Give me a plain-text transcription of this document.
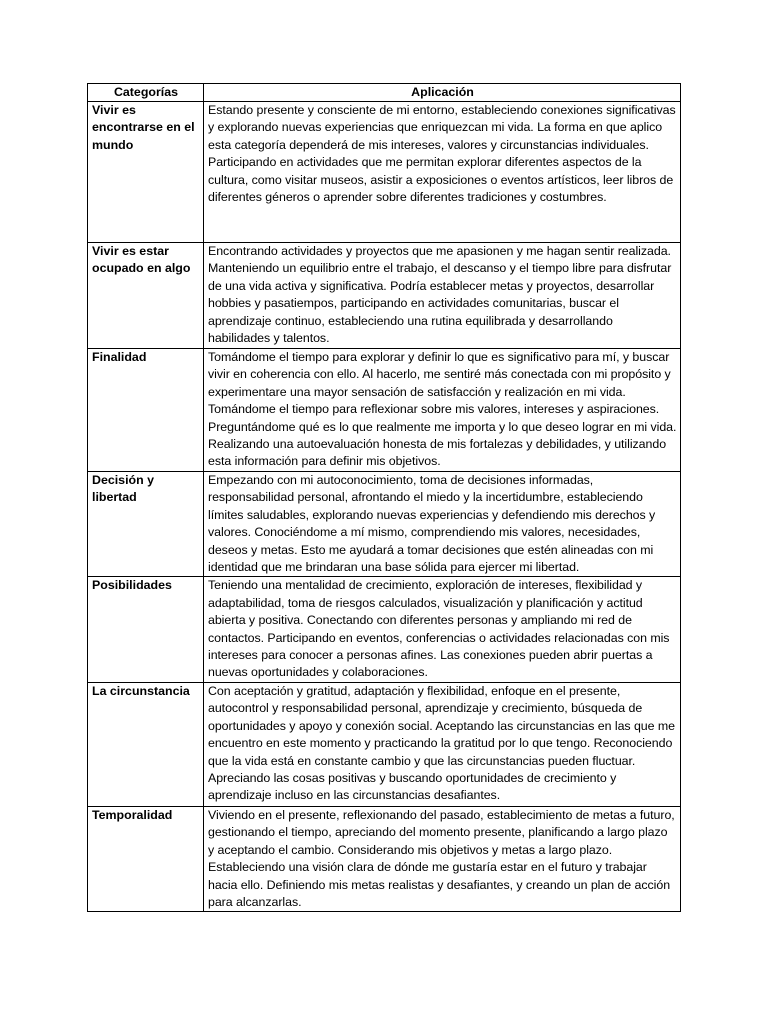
Categorías	Aplicación
Vivir es encontrarse en el mundo	Estando presente y consciente de mi entorno, estableciendo conexiones significativas y explorando nuevas experiencias que enriquezcan mi vida. La forma en que aplico esta categoría dependerá de mis intereses, valores y circunstancias individuales. Participando en actividades que me permitan explorar diferentes aspectos de la cultura, como visitar museos, asistir a exposiciones o eventos artísticos, leer libros de diferentes géneros o aprender sobre diferentes tradiciones y costumbres.
Vivir es estar ocupado en algo	Encontrando actividades y proyectos que me apasionen y me hagan sentir realizada. Manteniendo un equilibrio entre el trabajo, el descanso y el tiempo libre para disfrutar de una vida activa y significativa. Podría establecer metas y proyectos, desarrollar hobbies y pasatiempos, participando en actividades comunitarias, buscar el aprendizaje continuo, estableciendo una rutina equilibrada y desarrollando habilidades y talentos.
Finalidad	Tomándome el tiempo para explorar y definir lo que es significativo para mí, y buscar vivir en coherencia con ello. Al hacerlo, me sentiré más conectada con mi propósito y experimentare una mayor sensación de satisfacción y realización en mi vida. Tomándome el tiempo para reflexionar sobre mis valores, intereses y aspiraciones. Preguntándome qué es lo que realmente me importa y lo que deseo lograr en mi vida. Realizando una autoevaluación honesta de mis fortalezas y debilidades, y utilizando esta información para definir mis objetivos.
Decisión y libertad	Empezando con mi autoconocimiento, toma de decisiones informadas, responsabilidad personal, afrontando el miedo y la incertidumbre, estableciendo límites saludables, explorando nuevas experiencias y defendiendo mis derechos y valores. Conociéndome a mí mismo, comprendiendo mis valores, necesidades, deseos y metas. Esto me ayudará a tomar decisiones que estén alineadas con mi identidad que me brindaran una base sólida para ejercer mi libertad.
Posibilidades	Teniendo una mentalidad de crecimiento, exploración de intereses, flexibilidad y adaptabilidad, toma de riesgos calculados, visualización y planificación y actitud abierta y positiva. Conectando con diferentes personas y ampliando mi red de contactos. Participando en eventos, conferencias o actividades relacionadas con mis intereses para conocer a personas afines. Las conexiones pueden abrir puertas a nuevas oportunidades y colaboraciones.
La circunstancia	Con aceptación y gratitud, adaptación y flexibilidad, enfoque en el presente, autocontrol y responsabilidad personal, aprendizaje y crecimiento, búsqueda de oportunidades y apoyo y conexión social. Aceptando las circunstancias en las que me encuentro en este momento y practicando la gratitud por lo que tengo. Reconociendo que la vida está en constante cambio y que las circunstancias pueden fluctuar. Apreciando las cosas positivas y buscando oportunidades de crecimiento y aprendizaje incluso en las circunstancias desafiantes.
Temporalidad	Viviendo en el presente, reflexionando del pasado, establecimiento de metas a futuro, gestionando el tiempo, apreciando del momento presente, planificando a largo plazo y aceptando el cambio. Considerando mis objetivos y metas a largo plazo. Estableciendo una visión clara de dónde me gustaría estar en el futuro y trabajar hacia ello. Definiendo mis metas realistas y desafiantes, y creando un plan de acción para alcanzarlas.
